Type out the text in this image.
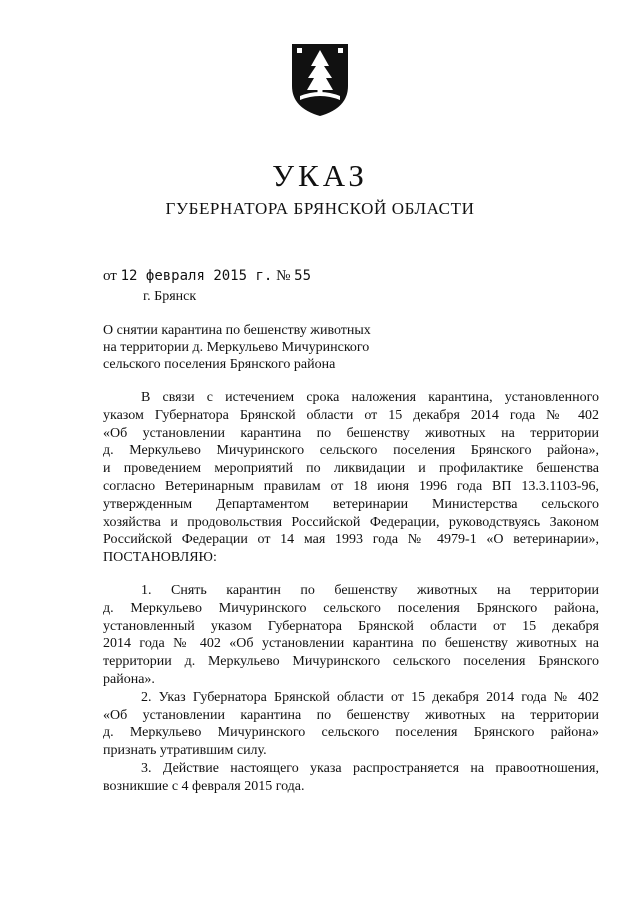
УКАЗ
ГУБЕРНАТОРА БРЯНСКОЙ ОБЛАСТИ
от 12 февраля 2015 г. № 55
г. Брянск
О снятии карантина по бешенству животных
на территории д. Меркульево Мичуринского
сельского поселения Брянского района
В связи с истечением срока наложения карантина, установленного
указом Губернатора Брянской области от 15 декабря 2014 года № 402
«Об установлении карантина по бешенству животных на территории
д. Меркульево Мичуринского сельского поселения Брянского района»,
и проведением мероприятий по ликвидации и профилактике бешенства
согласно Ветеринарным правилам от 18 июня 1996 года ВП 13.3.1103-96,
утвержденным Департаментом ветеринарии Министерства сельского
хозяйства и продовольствия Российской Федерации, руководствуясь Законом
Российской Федерации от 14 мая 1993 года № 4979-1 «О ветеринарии»,
ПОСТАНОВЛЯЮ:
1. Снять карантин по бешенству животных на территории
д. Меркульево Мичуринского сельского поселения Брянского района,
установленный указом Губернатора Брянской области от 15 декабря
2014 года № 402 «Об установлении карантина по бешенству животных на
территории д. Меркульево Мичуринского сельского поселения Брянского
района».
2. Указ Губернатора Брянской области от 15 декабря 2014 года № 402
«Об установлении карантина по бешенству животных на территории
д. Меркульево Мичуринского сельского поселения Брянского района»
признать утратившим силу.
3. Действие настоящего указа распространяется на правоотношения,
возникшие с 4 февраля 2015 года.
